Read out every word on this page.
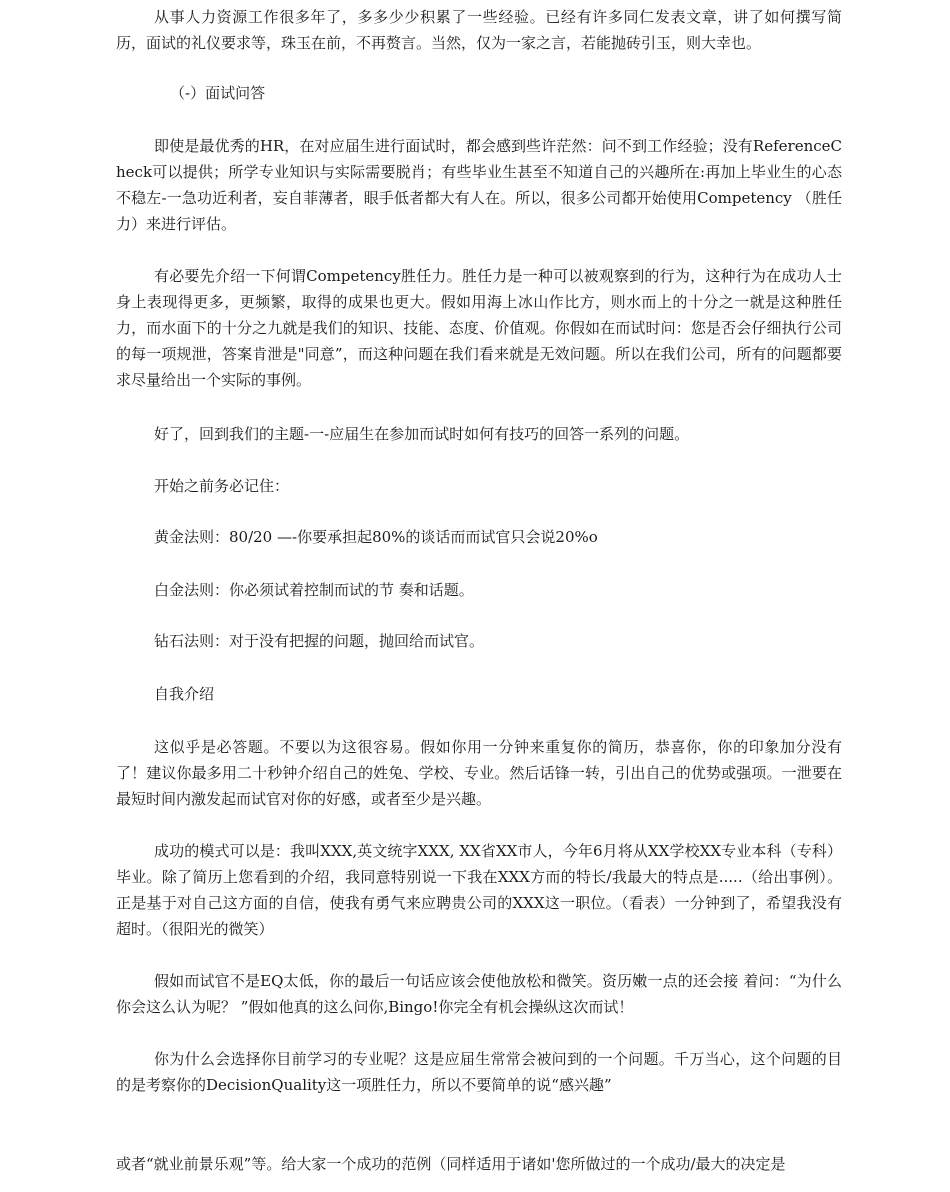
从事人力资源工作很多年了，多多少少积累了一些经验。已经有许多同仁发表文章，讲了如何撰写简历，面试的礼仪要求等，珠玉在前，不再赘言。当然，仅为一家之言，若能抛砖引玉，则大幸也。

（-）面试问答

即使是最优秀的HR，在对应届生进行面试时，都会感到些许茫然：问不到工作经验；没有ReferenceCheck可以提供；所学专业知识与实际需要脱肖；有些毕业生甚至不知道自己的兴趣所在:再加上毕业生的心态不稳左-一急功近利者，妄自菲薄者，眼手低者都大有人在。所以，很多公司都开始使用Competency （胜任力）来进行评估。

有必要先介绍一下何谓Competency胜任力。胜任力是一种可以被观察到的行为，这种行为在成功人士身上表现得更多，更频繁，取得的成果也更大。假如用海上冰山作比方，则水而上的十分之一就是这种胜任力，而水面下的十分之九就是我们的知识、技能、态度、价值观。你假如在而试时问：您是否会仔细执行公司的每一项规泄，答案肯泄是"同意”，而这种问题在我们看来就是无效问题。所以在我们公司，所有的问题都要求尽量给出一个实际的事例。

好了，回到我们的主题-一-应届生在参加而试时如何有技巧的回答一系列的问题。

开始之前务必记住：

黄金法则：80/20 —-你要承担起80%的谈话而而试官只会说20%o

白金法则：你必须试着控制而试的节 奏和话题。

钻石法则：对于没有把握的问题，抛回给而试官。

自我介绍

这似乎是必答题。不要以为这很容易。假如你用一分钟来重复你的简历，恭喜你，你的印象加分没有了！建议你最多用二十秒钟介绍自己的姓兔、学校、专业。然后话锋一转，引出自己的优势或强项。一泄要在最短时间内激发起而试官对你的好感，或者至少是兴趣。

成功的模式可以是：我叫XXX,英文统字XXX, XX省XX市人，今年6月将从XX学校XX专业本科（专科）毕业。除了简历上您看到的介绍，我同意特别说一下我在XXX方而的特长/我最大的特点是.....（给出事例）。正是基于对自己这方面的自信，使我有勇气来应聘贵公司的XXX这一职位。（看表）一分钟到了，希望我没有超时。（很阳光的微笑）

假如而试官不是EQ太低，你的最后一句话应该会使他放松和微笑。资历嫩一点的还会接 着问：“为什么你会这么认为呢？ ”假如他真的这么问你,Bingo!你完全有机会操纵这次而试！

你为什么会选择你目前学习的专业呢？这是应届生常常会被问到的一个问题。千万当心，这个问题的目的是考察你的DecisionQuality这一项胜任力，所以不要简单的说“感兴趣”

或者“就业前景乐观”等。给大家一个成功的范例（同样适用于诸如'您所做过的一个成功/最大的决定是
